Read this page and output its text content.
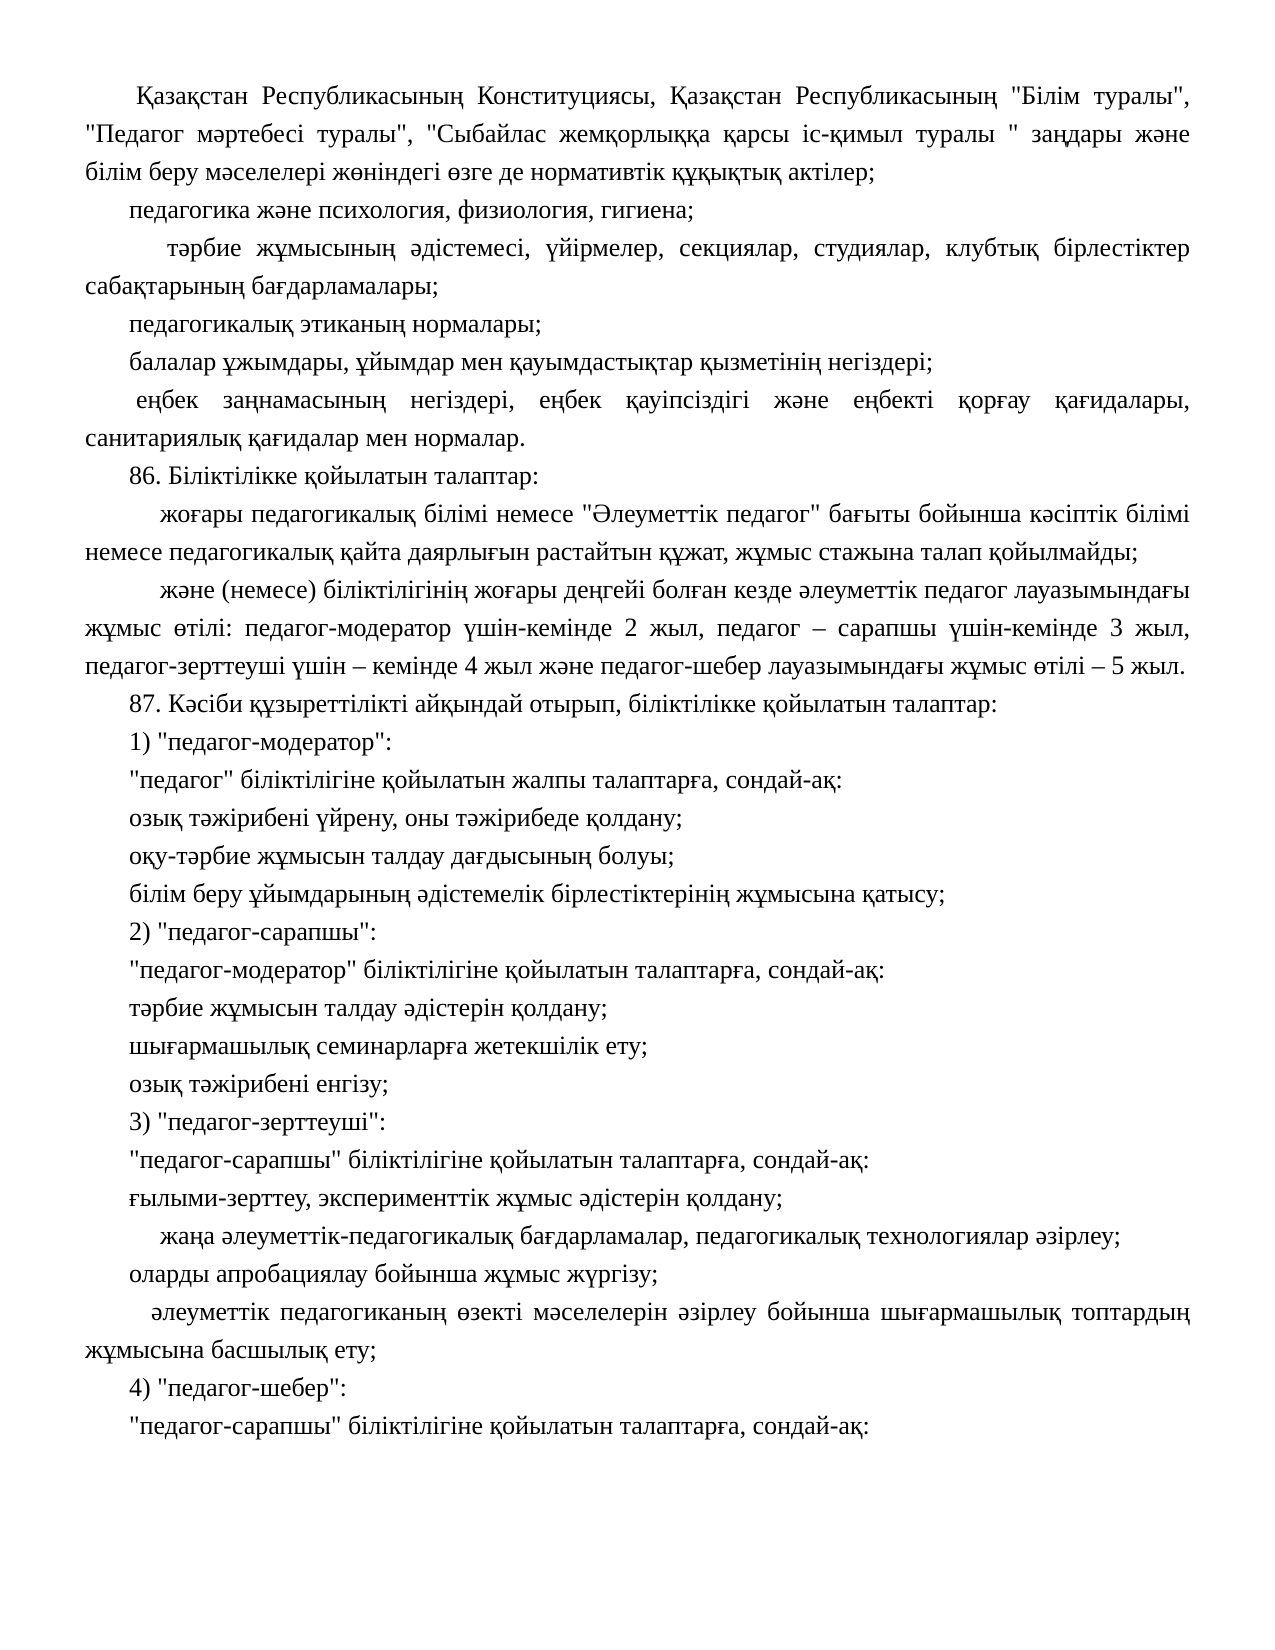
Қазақстан Республикасының Конституциясы, Қазақстан Республикасының "Білім туралы", "Педагог мәртебесі туралы", "Сыбайлас жемқорлыққа қарсы іс-қимыл туралы " заңдары және білім беру мәселелері жөніндегі өзге де нормативтік құқықтық актілер;

педагогика және психология, физиология, гигиена;

тәрбие жұмысының әдістемесі, үйірмелер, секциялар, студиялар, клубтық бірлестіктер сабақтарының бағдарламалары;

педагогикалық этиканың нормалары;

балалар ұжымдары, ұйымдар мен қауымдастықтар қызметінің негіздері;

еңбек заңнамасының негіздері, еңбек қауіпсіздігі және еңбекті қорғау қағидалары, санитариялық қағидалар мен нормалар.

86. Біліктілікке қойылатын талаптар:

жоғары педагогикалық білімі немесе "Әлеуметтік педагог" бағыты бойынша кәсіптік білімі немесе педагогикалық қайта даярлығын растайтын құжат, жұмыс стажына талап қойылмайды;

және (немесе) біліктілігінің жоғары деңгейі болған кезде әлеуметтік педагог лауазымындағы жұмыс өтілі: педагог-модератор үшін-кемінде 2 жыл, педагог – сарапшы үшін-кемінде 3 жыл, педагог-зерттеуші үшін – кемінде 4 жыл және педагог-шебер лауазымындағы жұмыс өтілі – 5 жыл.

87. Кәсіби құзыреттілікті айқындай отырып, біліктілікке қойылатын талаптар:

1) "педагог-модератор":

"педагог" біліктілігіне қойылатын жалпы талаптарға, сондай-ақ:

озық тәжірибені үйрену, оны тәжірибеде қолдану;

оқу-тәрбие жұмысын талдау дағдысының болуы;

білім беру ұйымдарының әдістемелік бірлестіктерінің жұмысына қатысу;

2) "педагог-сарапшы":

"педагог-модератор" біліктілігіне қойылатын талаптарға, сондай-ақ:

тәрбие жұмысын талдау әдістерін қолдану;

шығармашылық семинарларға жетекшілік ету;

озық тәжірибені енгізу;

3) "педагог-зерттеуші":

"педагог-сарапшы" біліктілігіне қойылатын талаптарға, сондай-ақ:

ғылыми-зерттеу, эксперименттік жұмыс әдістерін қолдану;

жаңа әлеуметтік-педагогикалық бағдарламалар, педагогикалық технологиялар әзірлеу;

оларды апробациялау бойынша жұмыс жүргізу;

әлеуметтік педагогиканың өзекті мәселелерін әзірлеу бойынша шығармашылық топтардың жұмысына басшылық ету;

4) "педагог-шебер":

"педагог-сарапшы" біліктілігіне қойылатын талаптарға, сондай-ақ:
